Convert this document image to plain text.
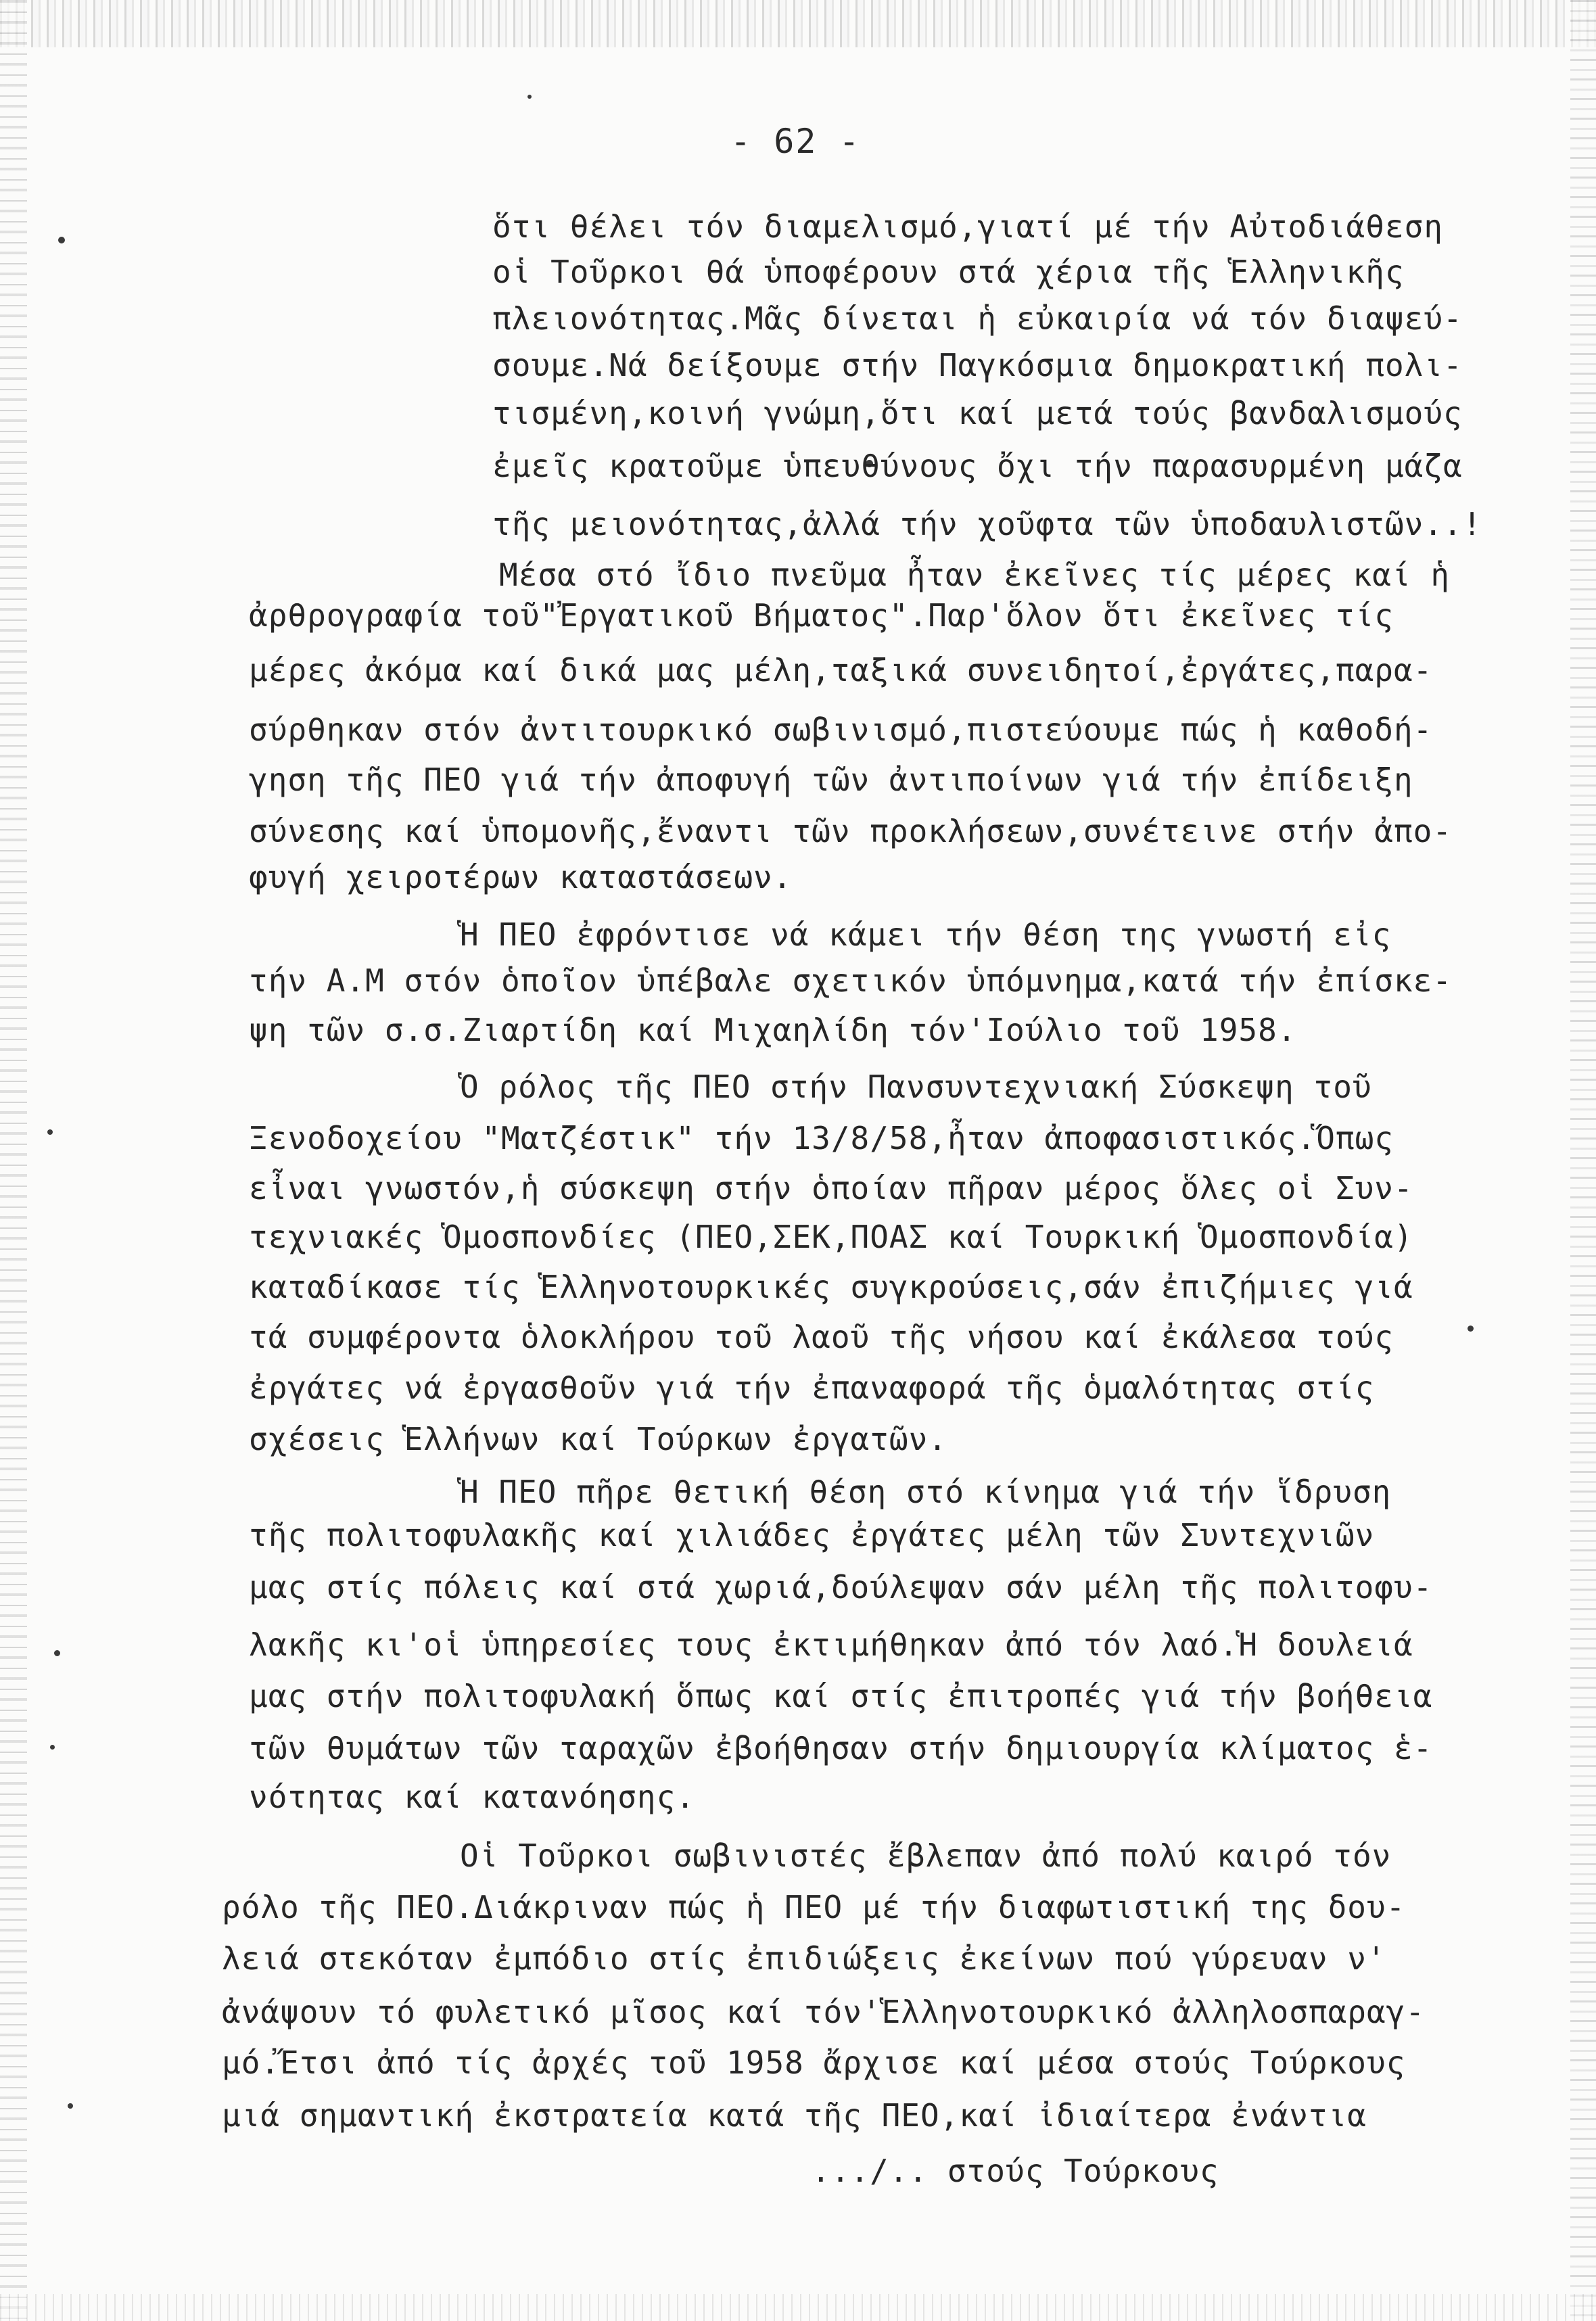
- 62 -
ὅτι θέλει τόν διαμελισμό,γιατί μέ τήν Αὐτοδιάθεση
οἱ Τοῦρκοι θά ὑποφέρουν στά χέρια τῆς Ἑλληνικῆς
πλειονότητας.Μᾶς δίνεται ἡ εὐκαιρία νά τόν διαψεύ-
σουμε.Νά δείξουμε στήν Παγκόσμια δημοκρατική πολι-
τισμένη,κοινή γνώμη,ὅτι καί μετά τούς βανδαλισμούς
ἐμεῖς κρατοῦμε ὑπευθύνους ὄχι τήν παρασυρμένη μάζα
τῆς μειονότητας,ἀλλά τήν χοῦφτα τῶν ὑποδαυλιστῶν..!
Μέσα στό ἴδιο πνεῦμα ἦταν ἐκεῖνες τίς μέρες καί ἡ
ἀρθρογραφία τοῦ"Ἐργατικοῦ Βήματος".Παρ'ὅλον ὅτι ἐκεῖνες τίς
μέρες ἀκόμα καί δικά μας μέλη,ταξικά συνειδητοί,ἐργάτες,παρα-
σύρθηκαν στόν ἀντιτουρκικό σωβινισμό,πιστεύουμε πώς ἡ καθοδή-
γηση τῆς ΠΕΟ γιά τήν ἀποφυγή τῶν ἀντιποίνων γιά τήν ἐπίδειξη
σύνεσης καί ὑπομονῆς,ἔναντι τῶν προκλήσεων,συνέτεινε στήν ἀπο-
φυγή χειροτέρων καταστάσεων.
Ἡ ΠΕΟ ἐφρόντισε νά κάμει τήν θέση της γνωστή εἰς
τήν Α.Μ στόν ὁποῖον ὑπέβαλε σχετικόν ὑπόμνημα,κατά τήν ἐπίσκε-
ψη τῶν σ.σ.Ζιαρτίδη καί Μιχαηλίδη τόν'Ιούλιο τοῦ 1958.
Ὁ ρόλος τῆς ΠΕΟ στήν Πανσυντεχνιακή Σύσκεψη τοῦ
Ξενοδοχείου "Ματζέστικ" τήν 13/8/58,ἦταν ἀποφασιστικός.Ὅπως
εἶναι γνωστόν,ἡ σύσκεψη στήν ὁποίαν πῆραν μέρος ὅλες οἱ Συν-
τεχνιακές Ὁμοσπονδίες (ΠΕΟ,ΣΕΚ,ΠΟΑΣ καί Τουρκική Ὁμοσπονδία)
καταδίκασε τίς Ἑλληνοτουρκικές συγκρούσεις,σάν ἐπιζήμιες γιά
τά συμφέροντα ὁλοκλήρου τοῦ λαοῦ τῆς νήσου καί ἐκάλεσα τούς
ἐργάτες νά ἐργασθοῦν γιά τήν ἐπαναφορά τῆς ὁμαλότητας στίς
σχέσεις Ἑλλήνων καί Τούρκων ἐργατῶν.
Ἡ ΠΕΟ πῆρε θετική θέση στό κίνημα γιά τήν ἵδρυση
τῆς πολιτοφυλακῆς καί χιλιάδες ἐργάτες μέλη τῶν Συντεχνιῶν
μας στίς πόλεις καί στά χωριά,δούλεψαν σάν μέλη τῆς πολιτοφυ-
λακῆς κι'οἱ ὑπηρεσίες τους ἐκτιμήθηκαν ἀπό τόν λαό.Ἡ δουλειά
μας στήν πολιτοφυλακή ὅπως καί στίς ἐπιτροπές γιά τήν βοήθεια
τῶν θυμάτων τῶν ταραχῶν ἐβοήθησαν στήν δημιουργία κλίματος ἑ-
νότητας καί κατανόησης.
Οἱ Τοῦρκοι σωβινιστές ἔβλεπαν ἀπό πολύ καιρό τόν
ρόλο τῆς ΠΕΟ.Διάκριναν πώς ἡ ΠΕΟ μέ τήν διαφωτιστική της δου-
λειά στεκόταν ἐμπόδιο στίς ἐπιδιώξεις ἐκείνων πού γύρευαν ν'
ἀνάψουν τό φυλετικό μῖσος καί τόν'Ἑλληνοτουρκικό ἀλληλοσπαραγ-
μό.Ἔτσι ἀπό τίς ἀρχές τοῦ 1958 ἄρχισε καί μέσα στούς Τούρκους
μιά σημαντική ἐκστρατεία κατά τῆς ΠΕΟ,καί ἰδιαίτερα ἐνάντια
.../.. στούς Τούρκους
